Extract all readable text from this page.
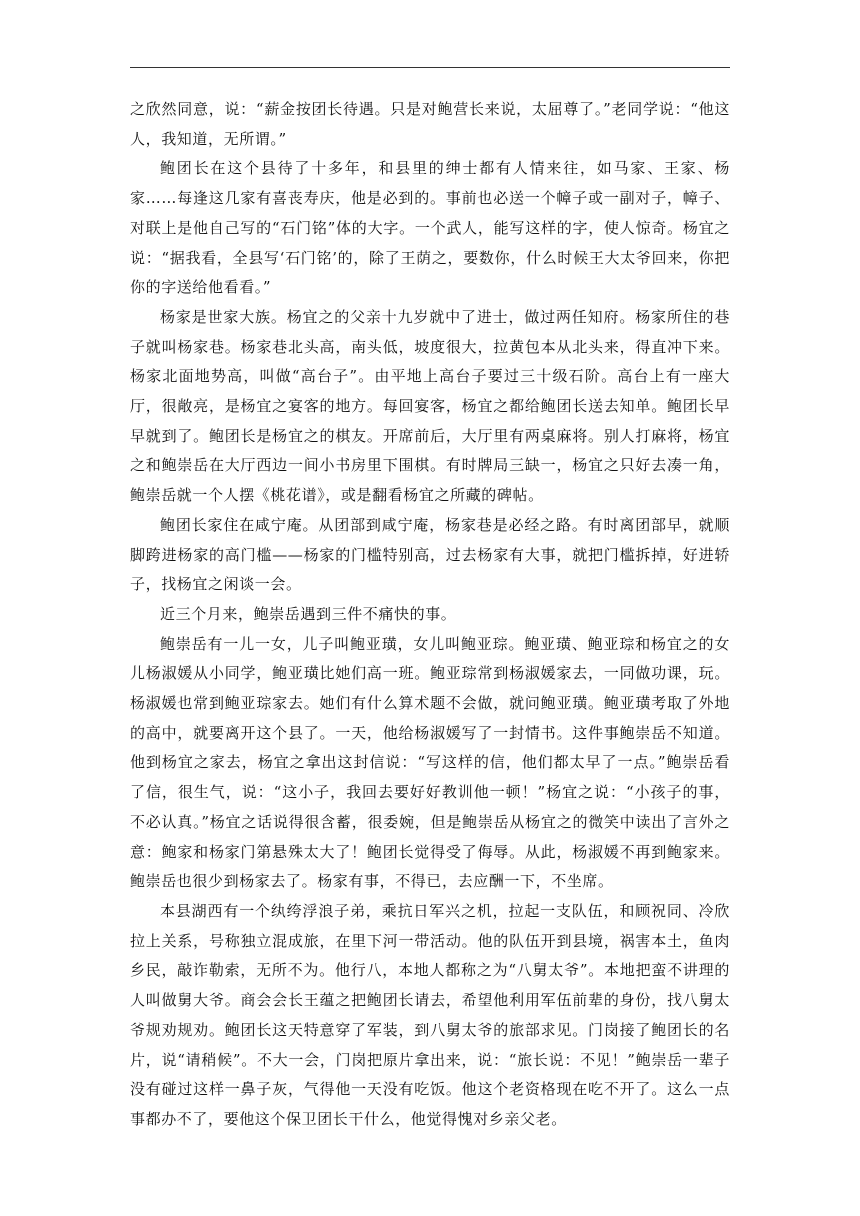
之欣然同意，说：“薪金按团长待遇。只是对鲍营长来说，太屈尊了。”老同学说：“他这人，我知道，无所谓。”

鲍团长在这个县待了十多年，和县里的绅士都有人情来往，如马家、王家、杨家……每逢这几家有喜丧寿庆，他是必到的。事前也必送一个幛子或一副对子，幛子、对联上是他自己写的“石门铭”体的大字。一个武人，能写这样的字，使人惊奇。杨宜之说：“据我看，全县写‘石门铭’的，除了王荫之，要数你，什么时候王大太爷回来，你把你的字送给他看看。”

杨家是世家大族。杨宜之的父亲十九岁就中了进士，做过两任知府。杨家所住的巷子就叫杨家巷。杨家巷北头高，南头低，坡度很大，拉黄包本从北头来，得直冲下来。杨家北面地势高，叫做“高台子”。由平地上高台子要过三十级石阶。高台上有一座大厅，很敞亮，是杨宜之宴客的地方。每回宴客，杨宜之都给鲍团长送去知单。鲍团长早早就到了。鲍团长是杨宜之的棋友。开席前后，大厅里有两桌麻将。别人打麻将，杨宜之和鲍崇岳在大厅西边一间小书房里下围棋。有时牌局三缺一，杨宜之只好去凑一角，鲍崇岳就一个人摆《桃花谱》，或是翻看杨宜之所藏的碑帖。

鲍团长家住在咸宁庵。从团部到咸宁庵，杨家巷是必经之路。有时离团部早，就顺脚跨进杨家的高门槛——杨家的门槛特别高，过去杨家有大事，就把门槛拆掉，好进轿子，找杨宜之闲谈一会。

近三个月来，鲍崇岳遇到三件不痛快的事。

鲍崇岳有一儿一女，儿子叫鲍亚璜，女儿叫鲍亚琮。鲍亚璜、鲍亚琮和杨宜之的女儿杨淑媛从小同学，鲍亚璜比她们高一班。鲍亚琮常到杨淑媛家去，一同做功课，玩。杨淑媛也常到鲍亚琮家去。她们有什么算术题不会做，就问鲍亚璜。鲍亚璜考取了外地的高中，就要离开这个县了。一天，他给杨淑媛写了一封情书。这件事鲍崇岳不知道。他到杨宜之家去，杨宜之拿出这封信说：“写这样的信，他们都太早了一点。”鲍崇岳看了信，很生气，说：“这小子，我回去要好好教训他一顿！”杨宜之说：“小孩子的事，不必认真。”杨宜之话说得很含蓄，很委婉，但是鲍崇岳从杨宜之的微笑中读出了言外之意：鲍家和杨家门第悬殊太大了！鲍团长觉得受了侮辱。从此，杨淑媛不再到鲍家来。鲍崇岳也很少到杨家去了。杨家有事，不得已，去应酬一下，不坐席。

本县湖西有一个纨绔浮浪子弟，乘抗日军兴之机，拉起一支队伍，和顾祝同、冷欣拉上关系，号称独立混成旅，在里下河一带活动。他的队伍开到县境，祸害本土，鱼肉乡民，敲诈勒索，无所不为。他行八，本地人都称之为“八舅太爷”。本地把蛮不讲理的人叫做舅大爷。商会会长王蕴之把鲍团长请去，希望他利用军伍前辈的身份，找八舅太爷规劝规劝。鲍团长这天特意穿了军装，到八舅太爷的旅部求见。门岗接了鲍团长的名片，说“请稍候”。不大一会，门岗把原片拿出来，说：“旅长说：不见！”鲍崇岳一辈子没有碰过这样一鼻子灰，气得他一天没有吃饭。他这个老资格现在吃不开了。这么一点事都办不了，要他这个保卫团长干什么，他觉得愧对乡亲父老。
